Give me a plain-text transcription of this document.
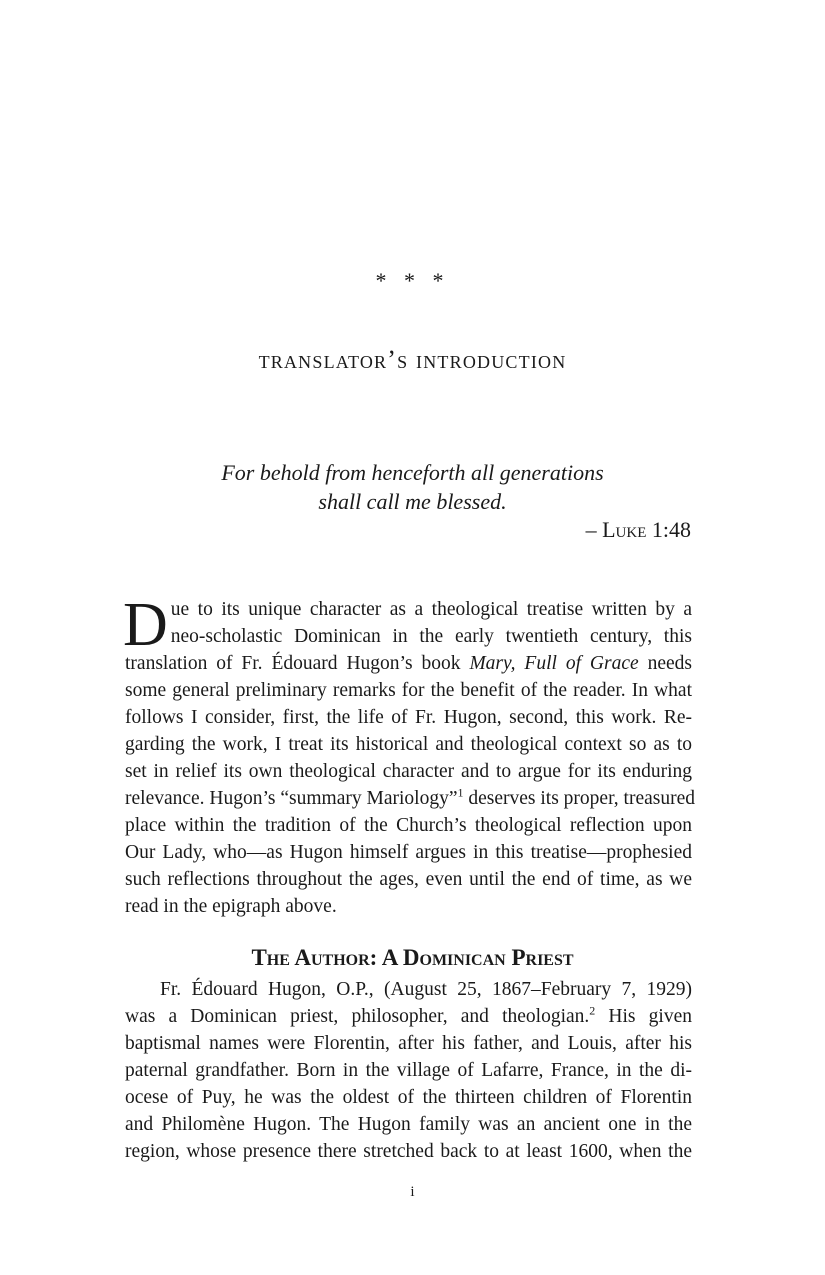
* * *
translator’s introduction
For behold from henceforth all generations
shall call me blessed.
– Luke 1:48
D ue to its unique character as a theological treatise written by a
neo-scholastic Dominican in the early twentieth century, this
translation of Fr. Édouard Hugon’s book Mary, Full of Grace needs
some general preliminary remarks for the benefit of the reader. In what
follows I consider, first, the life of Fr. Hugon, second, this work. Re-
garding the work, I treat its historical and theological context so as to
set in relief its own theological character and to argue for its enduring
relevance. Hugon’s “summary Mariology”$^1$ deserves its proper, treasured
place within the tradition of the Church’s theological reflection upon
Our Lady, who—as Hugon himself argues in this treatise—prophesied
such reflections throughout the ages, even until the end of time, as we
read in the epigraph above.
The Author: A Dominican Priest
Fr. Édouard Hugon, O.P., (August 25, 1867–February 7, 1929)
was a Dominican priest, philosopher, and theologian.$^2$ His given
baptismal names were Florentin, after his father, and Louis, after his
paternal grandfather. Born in the village of Lafarre, France, in the di-
ocese of Puy, he was the oldest of the thirteen children of Florentin
and Philomène Hugon. The Hugon family was an ancient one in the
region, whose presence there stretched back to at least 1600, when the
i
